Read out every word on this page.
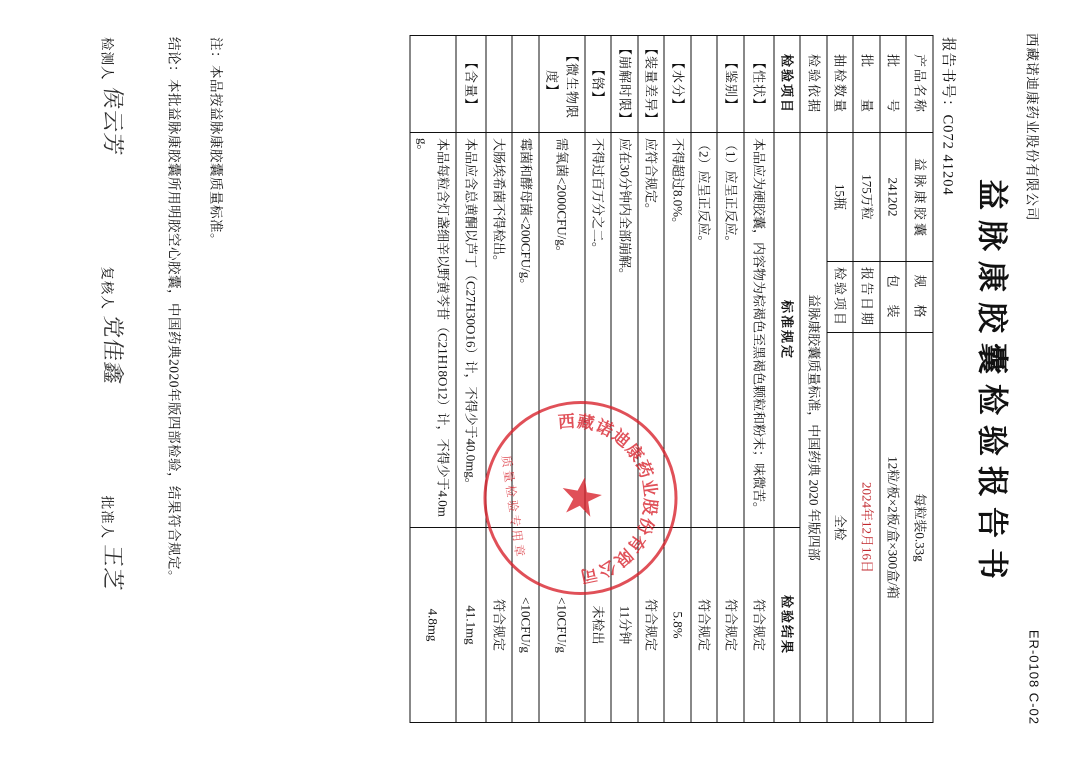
西藏诺迪康药业股份有限公司
ER-0108 C-02
益脉康胶囊检验报告书
报告书号：C072 41204
产品名称	益 脉 康 胶 囊	规　格	每粒装0.33g	
批　　号	241202	包　装	12粒/板×2板/盒×300盒/箱	
批　　量	175万粒	报告日期	2024年12月16日	
抽检数量	15瓶	检验项目	全检	
检验依据	益脉康胶囊质量标准，中国药典 2020 年版四部			
检验项目	标准规定			检验结果
【性状】	本品应为硬胶囊，内容物为棕褐色至黑褐色颗粒和粉末；味微苦。			符合规定
【鉴别】	（1）应呈正反应。			符合规定
	（2）应呈正反应。			符合规定
【水分】	不得超过8.0%。			5.8%
【装量差异】	应符合规定。			符合规定
【崩解时限】	应在30分钟内全部崩解。			11分钟
【铬】	不得过百万分之二。			未检出
【微生物限度】	需氧菌<2000CFU/g。			<10CFU/g
	霉菌和酵母菌<200CFU/g。			<10CFU/g
	大肠埃希菌不得检出。			符合规定
【含量】	本品应含总黄酮以芦丁（C27H30O16）计，不得少于40.0mg。			41.1mg
	本品每粒含灯盏细辛以野黄芩苷（C21H18O12）计，不得少于4.0mg。			4.8mg
注：本品按益脉康胶囊质量标准。
结论：本批益脉康胶囊所用明胶空心胶囊，中国药典2020年版四部检验，结果符合规定。
检测人
侯云芳
复核人
党佳鑫
批准人
王芝
西藏诺迪康药业股份有限公司
★
质量检验专用章
